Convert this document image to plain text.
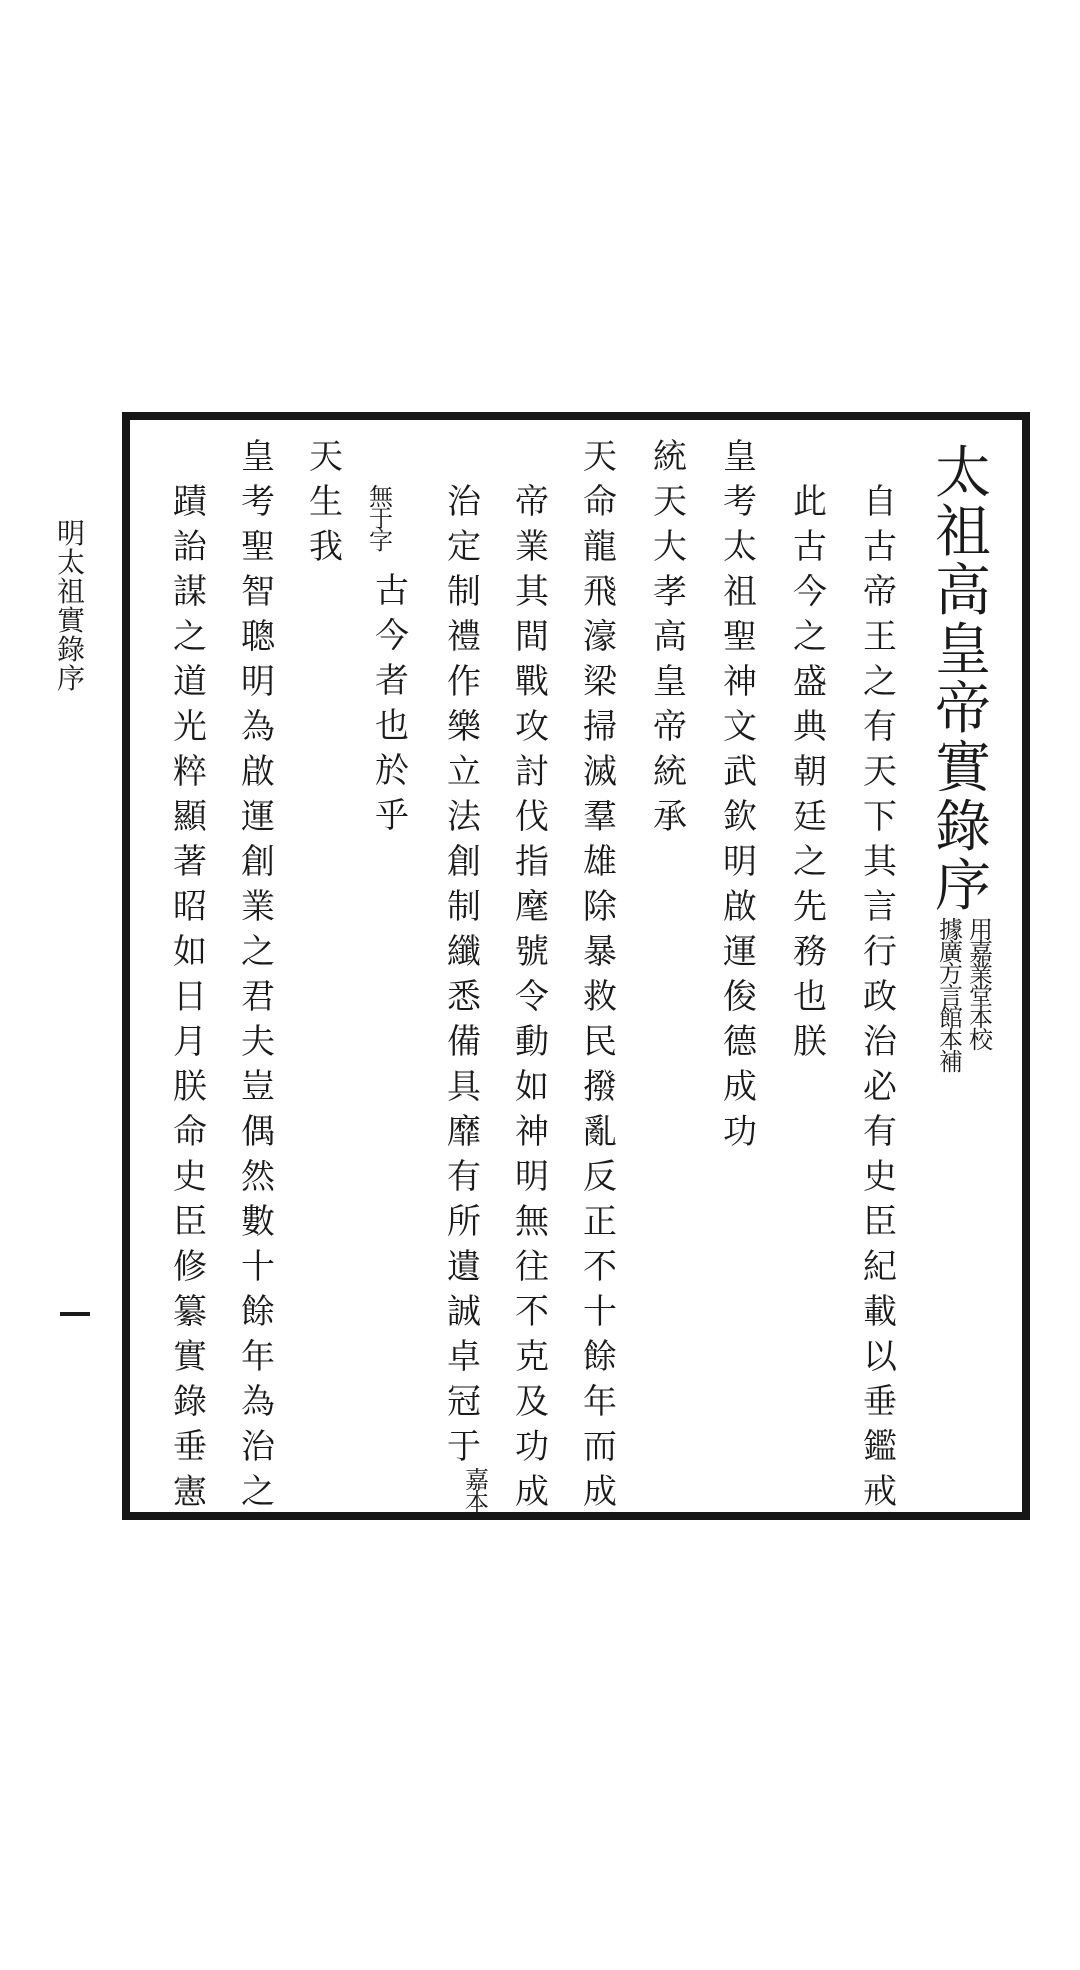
明
太
祖
實
錄
序
太
祖
高
皇
帝
實
錄
序
據
廣
方
言
館
本
補
用
嘉
業
堂
本
校
自
古
帝
王
之
有
天
下
其
言
行
政
治
必
有
史
臣
紀
載
以
垂
鑑
戒
此
古
今
之
盛
典
朝
廷
之
先
務
也
朕
皇
考
太
祖
聖
神
文
武
欽
明
啟
運
俊
德
成
功
統
天
大
孝
高
皇
帝
統
承
天
命
龍
飛
濠
梁
掃
滅
羣
雄
除
暴
救
民
撥
亂
反
正
不
十
餘
年
而
成
帝
業
其
間
戰
攻
討
伐
指
麾
號
令
動
如
神
明
無
往
不
克
及
功
成
治
定
制
禮
作
樂
立
法
創
制
纖
悉
備
具
靡
有
所
遺
誠
卓
冠
于
嘉
本
無
于
字
古
今
者
也
於
乎
天
生
我
皇
考
聖
智
聰
明
為
啟
運
創
業
之
君
夫
豈
偶
然
數
十
餘
年
為
治
之
蹟
詒
謀
之
道
光
粹
顯
著
昭
如
日
月
朕
命
史
臣
修
纂
實
錄
垂
憲
